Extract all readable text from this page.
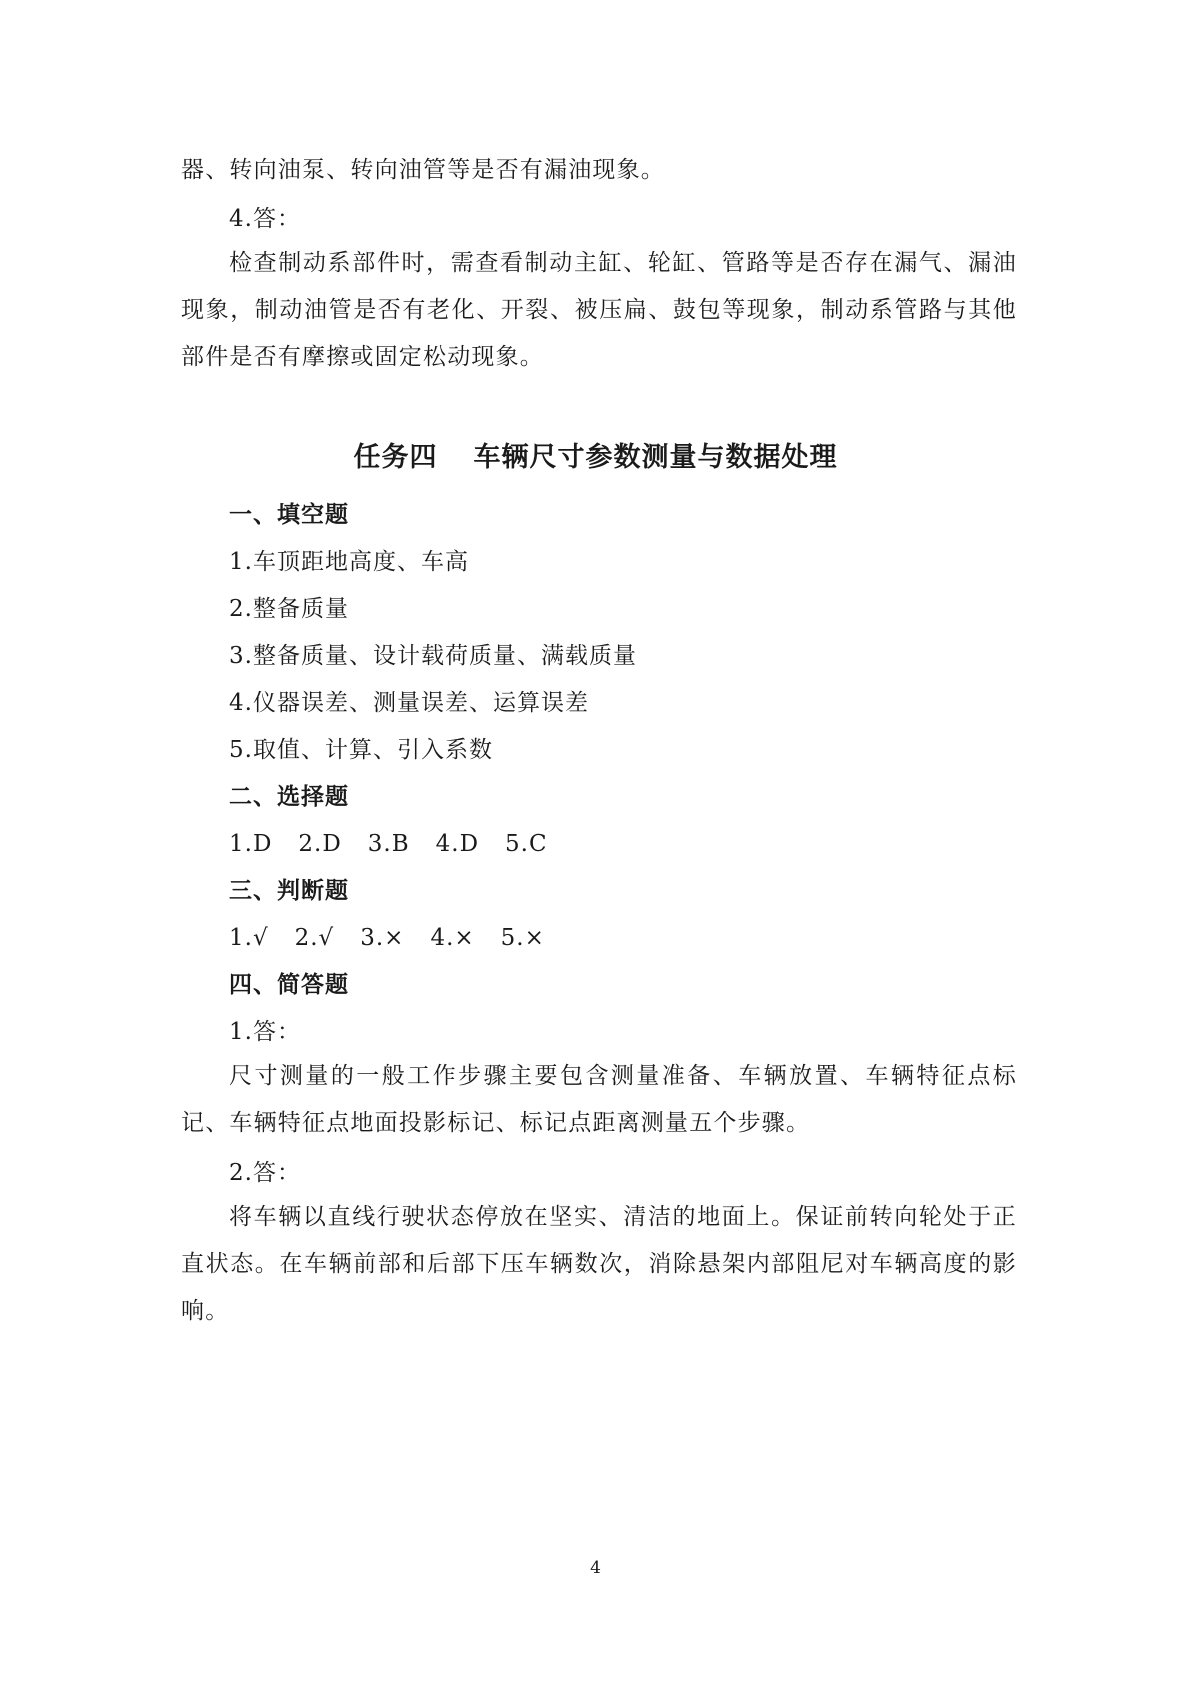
器、转向油泵、转向油管等是否有漏油现象。
4.答：
检查制动系部件时，需查看制动主缸、轮缸、管路等是否存在漏气、漏油现象，制动油管是否有老化、开裂、被压扁、鼓包等现象，制动系管路与其他部件是否有摩擦或固定松动现象。
任务四 车辆尺寸参数测量与数据处理
一、填空题
1.车顶距地高度、车高
2.整备质量
3.整备质量、设计载荷质量、满载质量
4.仪器误差、测量误差、运算误差
5.取值、计算、引入系数
二、选择题
1.D 2.D 3.B 4.D 5.C
三、判断题
1.√ 2.√ 3.× 4.× 5.×
四、简答题
1.答：
尺寸测量的一般工作步骤主要包含测量准备、车辆放置、车辆特征点标记、车辆特征点地面投影标记、标记点距离测量五个步骤。
2.答：
将车辆以直线行驶状态停放在坚实、清洁的地面上。保证前转向轮处于正直状态。在车辆前部和后部下压车辆数次，消除悬架内部阻尼对车辆高度的影响。
4
